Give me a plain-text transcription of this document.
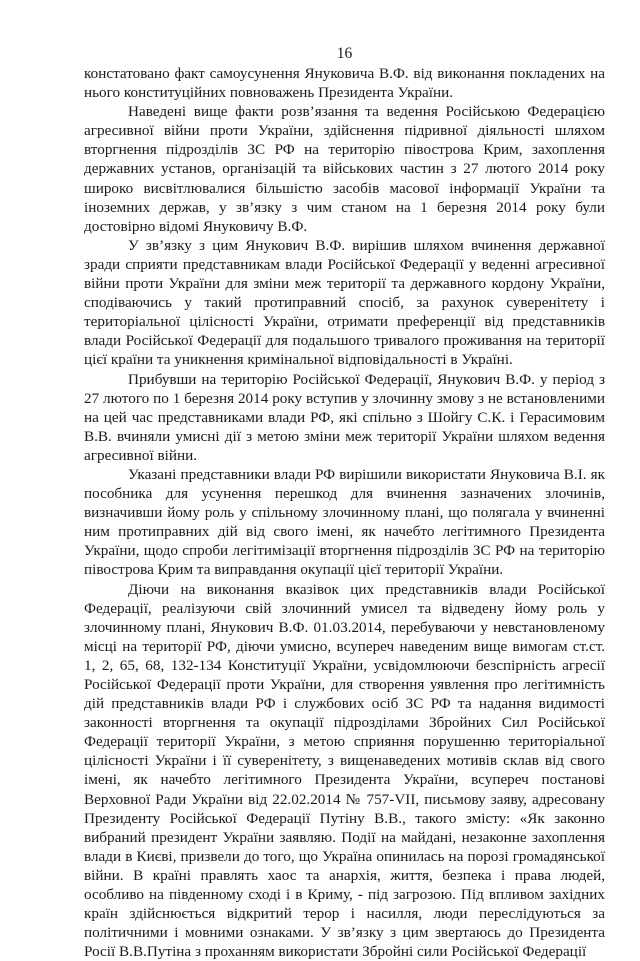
16

констатовано факт самоусунення Януковича В.Ф. від виконання покладених на нього конституційних повноважень Президента України.

Наведені вище факти розв’язання та ведення Російською Федерацією агресивної війни проти України, здійснення підривної діяльності шляхом вторгнення підрозділів ЗС РФ на територію півострова Крим, захоплення державних установ, організацій та військових частин з 27 лютого 2014 року широко висвітлювалися більшістю засобів масової інформації України та іноземних держав, у зв’язку з чим станом на 1 березня 2014 року були достовірно відомі Януковичу В.Ф.

У зв’язку з цим Янукович В.Ф. вирішив шляхом вчинення державної зради сприяти представникам влади Російської Федерації у веденні агресивної війни проти України для зміни меж території та державного кордону України, сподіваючись у такий протиправний спосіб, за рахунок суверенітету і територіальної цілісності України, отримати преференції від представників влади Російської Федерації для подальшого тривалого проживання на території цієї країни та уникнення кримінальної відповідальності в Україні.

Прибувши на територію Російської Федерації, Янукович В.Ф. у період з 27 лютого по 1 березня 2014 року вступив у злочинну змову з не встановленими на цей час представниками влади РФ, які спільно з Шойгу С.К. і Герасимовим В.В. вчиняли умисні дії з метою зміни меж території України шляхом ведення агресивної війни.

Указані представники влади РФ вирішили використати Януковича В.І. як пособника для усунення перешкод для вчинення зазначених злочинів, визначивши йому роль у спільному злочинному плані, що полягала у вчиненні ним протиправних дій від свого імені, як начебто легітимного Президента України, щодо спроби легітимізації вторгнення підрозділів ЗС РФ на територію півострова Крим та виправдання окупації цієї території України.

Діючи на виконання вказівок цих представників влади Російської Федерації, реалізуючи свій злочинний умисел та відведену йому роль у злочинному плані, Янукович В.Ф. 01.03.2014, перебуваючи у невстановленому місці на території РФ, діючи умисно, всупереч наведеним вище вимогам ст.ст. 1, 2, 65, 68, 132-134 Конституції України, усвідомлюючи безспірність агресії Російської Федерації проти України, для створення уявлення про легітимність дій представників влади РФ і службових осіб ЗС РФ та надання видимості законності вторгнення та окупації підрозділами Збройних Сил Російської Федерації території України, з метою сприяння порушенню територіальної цілісності України і її суверенітету, з вищенаведених мотивів склав від свого імені, як начебто легітимного Президента України, всупереч постанові Верховної Ради України від 22.02.2014 № 757-VII, письмову заяву, адресовану Президенту Російської Федерації Путіну В.В., такого змісту: «Як законно вибраний президент України заявляю. Події на майдані, незаконне захоплення влади в Києві, призвели до того, що Україна опинилась на порозі громадянської війни. В країні правлять хаос та анархія, життя, безпека і права людей, особливо на південному сході і в Криму, - під загрозою. Під впливом західних країн здійснюється відкритий терор і насилля, люди переслідуються за політичними і мовними ознаками. У зв’язку з цим звертаюсь до Президента Росії В.В.Путіна з проханням використати Збройні сили Російської Федерації
